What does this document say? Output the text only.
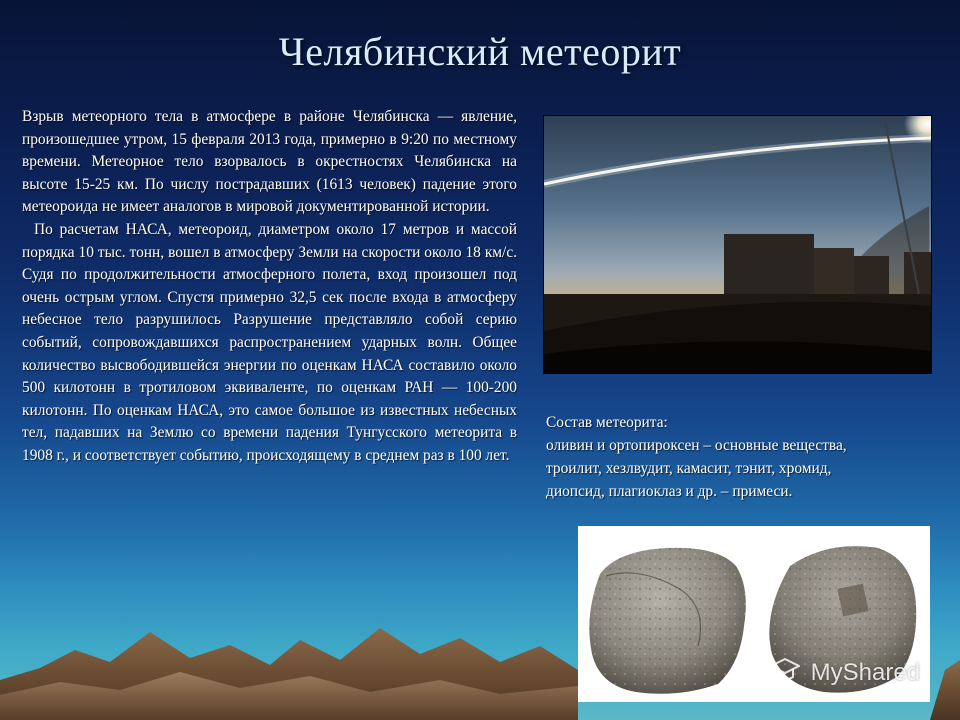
Челябинский метеорит

Взрыв метеорного тела в атмосфере в районе Челябинска — явление, произошедшее утром, 15 февраля 2013 года, примерно в 9:20 по местному времени. Метеорное тело взорвалось в окрестностях Челябинска на высоте 15-25 км. По числу пострадавших (1613 человек) падение этого метеороида не имеет аналогов в мировой документированной истории.

По расчетам НАСА, метеороид, диаметром около 17 метров и массой порядка 10 тыс. тонн, вошел в атмосферу Земли на скорости около 18 км/с. Судя по продолжительности атмосферного полета, вход произошел под очень острым углом. Спустя примерно 32,5 сек после входа в атмосферу небесное тело разрушилось Разрушение представляло собой серию событий, сопровождавшихся распространением ударных волн. Общее количество высвободившейся энергии по оценкам НАСА составило около 500 килотонн в тротиловом эквиваленте, по оценкам РАН — 100-200 килотонн. По оценкам НАСА, это самое большое из известных небесных тел, падавших на Землю со времени падения Тунгусского метеорита в 1908 г., и соответствует событию, происходящему в среднем раз в 100 лет.

Состав метеорита:
оливин и ортопироксен – основные вещества,
троилит, хезлвудит, камасит, тэнит, хромид,
диопсид, плагиоклаз и др. – примеси.
MyShared
